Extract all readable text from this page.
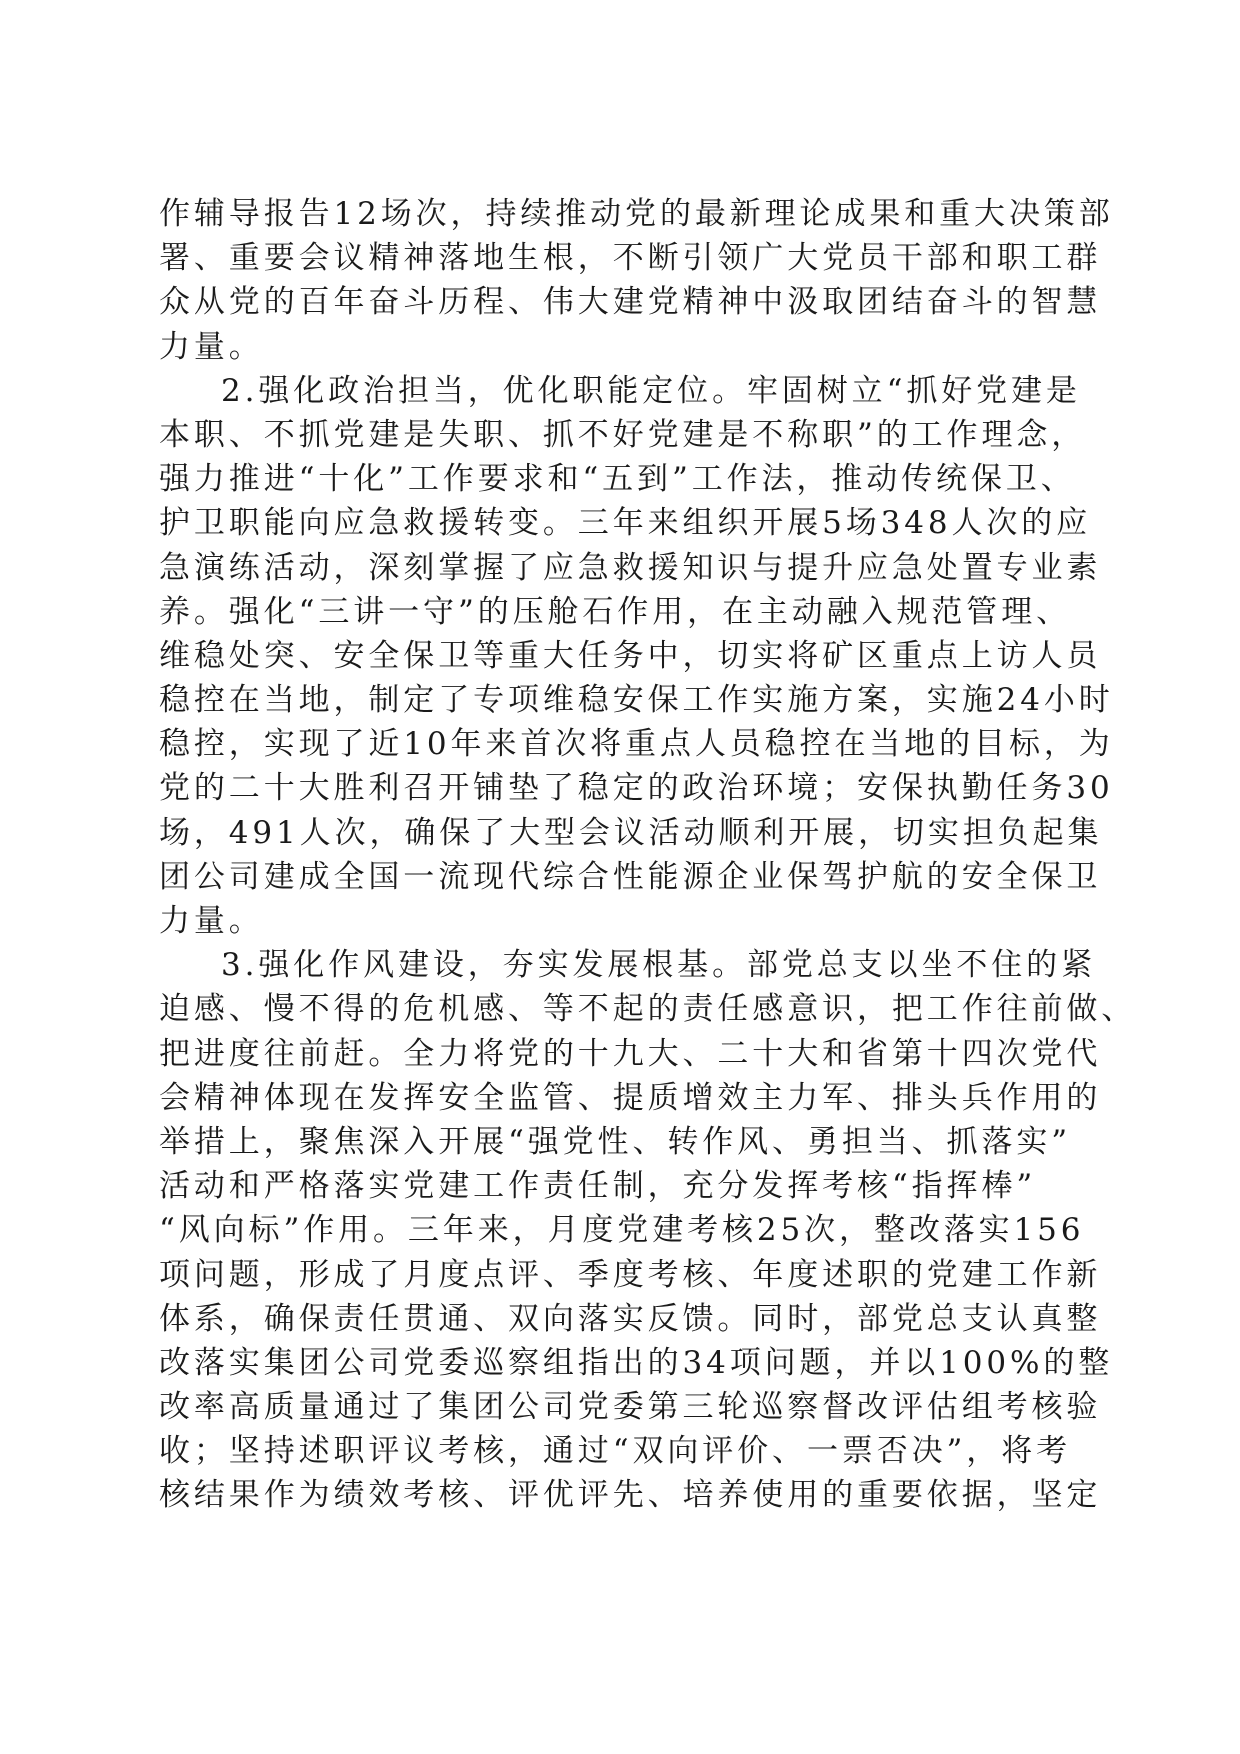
作辅导报告12场次，持续推动党的最新理论成果和重大决策部
署、重要会议精神落地生根，不断引领广大党员干部和职工群
众从党的百年奋斗历程、伟大建党精神中汲取团结奋斗的智慧
力量。
2.强化政治担当，优化职能定位。牢固树立“抓好党建是
本职、不抓党建是失职、抓不好党建是不称职”的工作理念，
强力推进“十化”工作要求和“五到”工作法，推动传统保卫、
护卫职能向应急救援转变。三年来组织开展5场348人次的应
急演练活动，深刻掌握了应急救援知识与提升应急处置专业素
养。强化“三讲一守”的压舱石作用，在主动融入规范管理、
维稳处突、安全保卫等重大任务中，切实将矿区重点上访人员
稳控在当地，制定了专项维稳安保工作实施方案，实施24小时
稳控，实现了近10年来首次将重点人员稳控在当地的目标，为
党的二十大胜利召开铺垫了稳定的政治环境；安保执勤任务30
场，491人次，确保了大型会议活动顺利开展，切实担负起集
团公司建成全国一流现代综合性能源企业保驾护航的安全保卫
力量。
3.强化作风建设，夯实发展根基。部党总支以坐不住的紧
迫感、慢不得的危机感、等不起的责任感意识，把工作往前做、
把进度往前赶。全力将党的十九大、二十大和省第十四次党代
会精神体现在发挥安全监管、提质增效主力军、排头兵作用的
举措上，聚焦深入开展“强党性、转作风、勇担当、抓落实”
活动和严格落实党建工作责任制，充分发挥考核“指挥棒”
“风向标”作用。三年来，月度党建考核25次，整改落实156
项问题，形成了月度点评、季度考核、年度述职的党建工作新
体系，确保责任贯通、双向落实反馈。同时，部党总支认真整
改落实集团公司党委巡察组指出的34项问题，并以100%的整
改率高质量通过了集团公司党委第三轮巡察督改评估组考核验
收；坚持述职评议考核，通过“双向评价、一票否决”，将考
核结果作为绩效考核、评优评先、培养使用的重要依据，坚定
